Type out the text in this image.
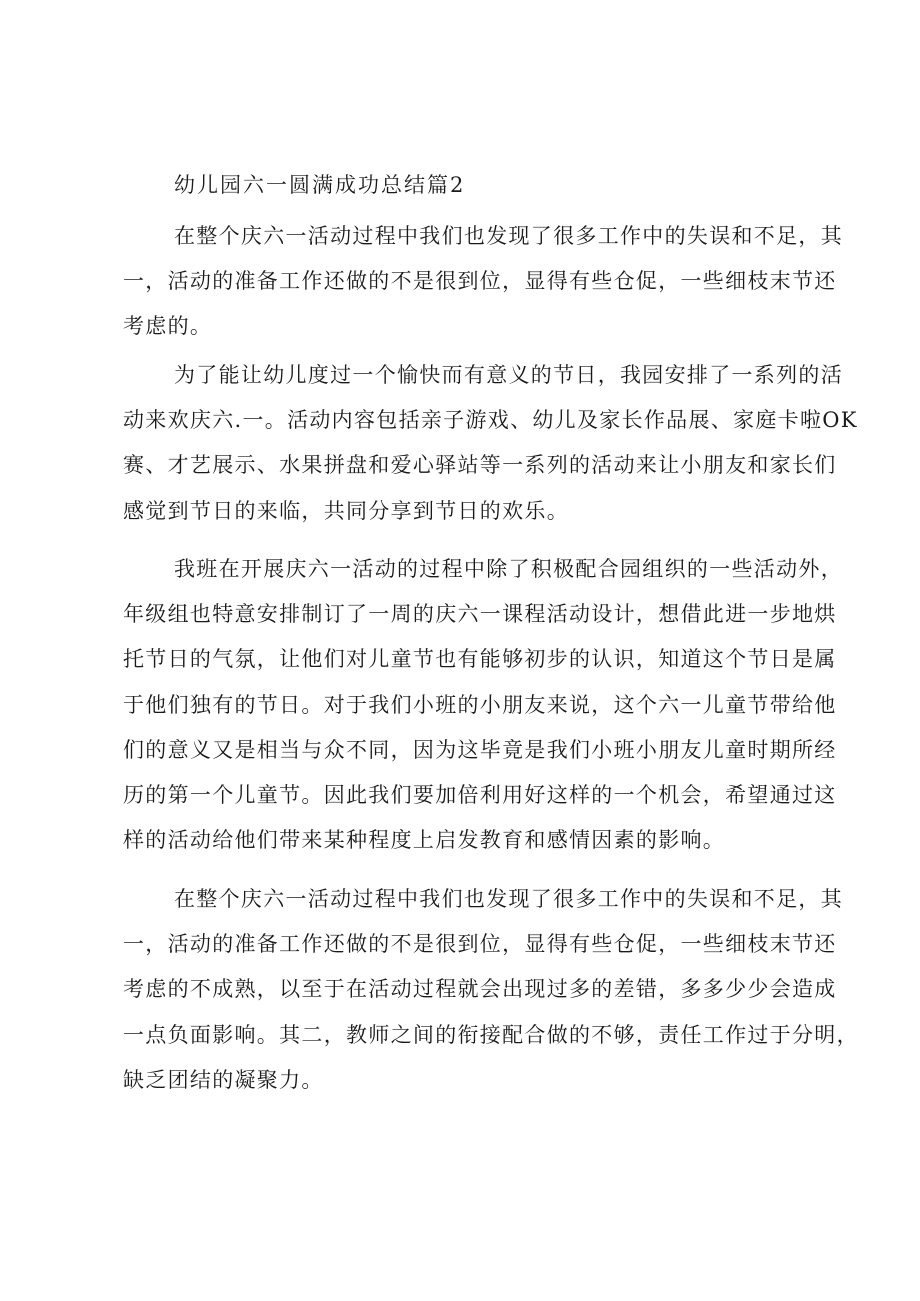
幼儿园六一圆满成功总结篇2

在整个庆六一活动过程中我们也发现了很多工作中的失误和不足，其
一，活动的准备工作还做的不是很到位，显得有些仓促，一些细枝末节还
考虑的。

为了能让幼儿度过一个愉快而有意义的节日，我园安排了一系列的活
动来欢庆六.一。活动内容包括亲子游戏、幼儿及家长作品展、家庭卡啦OK
赛、才艺展示、水果拼盘和爱心驿站等一系列的活动来让小朋友和家长们
感觉到节日的来临，共同分享到节日的欢乐。

我班在开展庆六一活动的过程中除了积极配合园组织的一些活动外，
年级组也特意安排制订了一周的庆六一课程活动设计，想借此进一步地烘
托节日的气氛，让他们对儿童节也有能够初步的认识，知道这个节日是属
于他们独有的节日。对于我们小班的小朋友来说，这个六一儿童节带给他
们的意义又是相当与众不同，因为这毕竟是我们小班小朋友儿童时期所经
历的第一个儿童节。因此我们要加倍利用好这样的一个机会，希望通过这
样的活动给他们带来某种程度上启发教育和感情因素的影响。

在整个庆六一活动过程中我们也发现了很多工作中的失误和不足，其
一，活动的准备工作还做的不是很到位，显得有些仓促，一些细枝末节还
考虑的不成熟，以至于在活动过程就会出现过多的差错，多多少少会造成
一点负面影响。其二，教师之间的衔接配合做的不够，责任工作过于分明，
缺乏团结的凝聚力。
